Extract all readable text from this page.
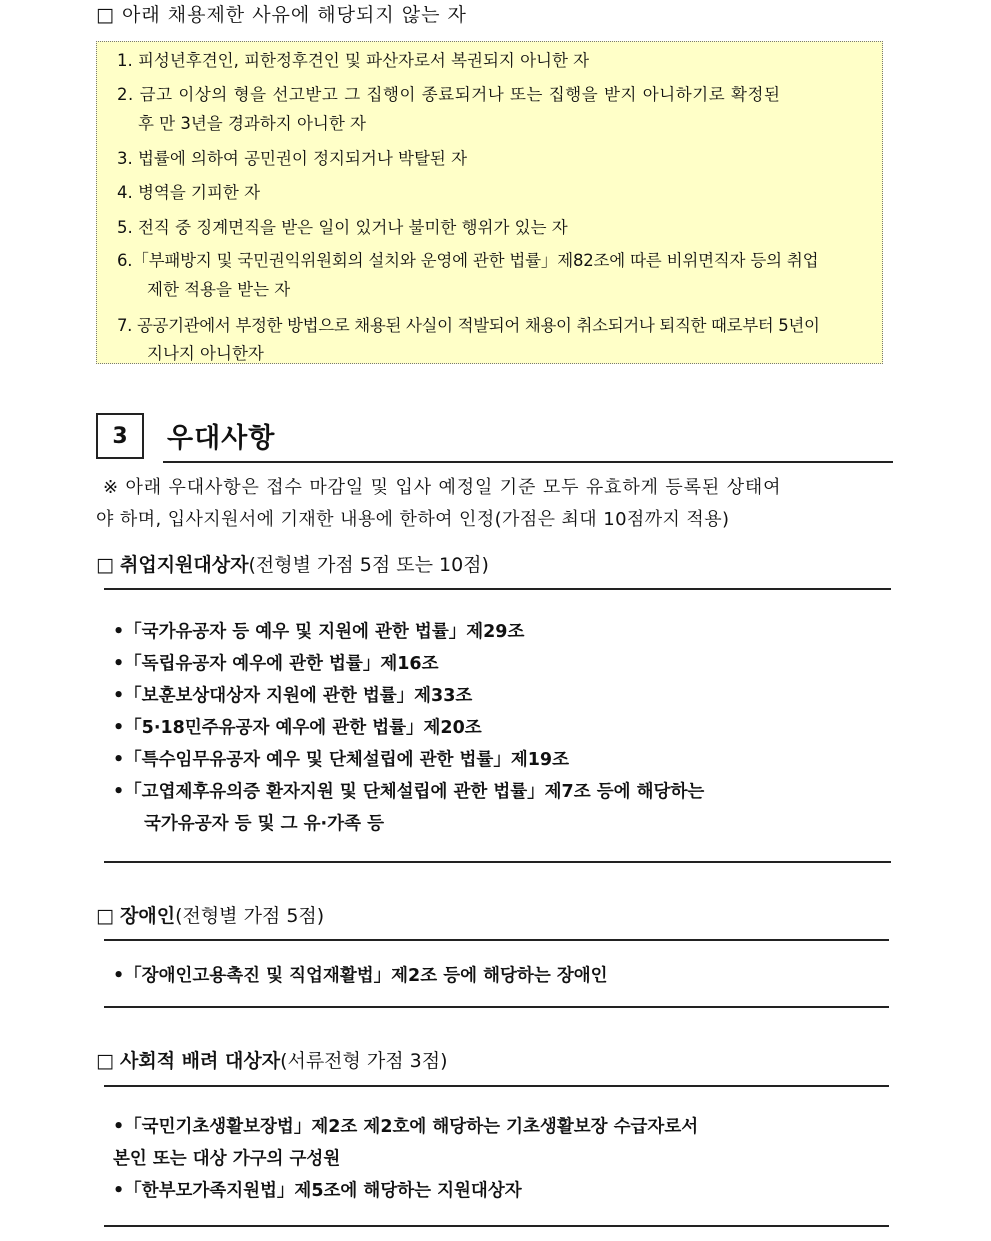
□ 아래 채용제한 사유에 해당되지 않는 자
1. 피성년후견인, 피한정후견인 및 파산자로서 복권되지 아니한 자
2. 금고 이상의 형을 선고받고 그 집행이 종료되거나 또는 집행을 받지 아니하기로 확정된
후 만 3년을 경과하지 아니한 자
3. 법률에 의하여 공민권이 정지되거나 박탈된 자
4. 병역을 기피한 자
5. 전직 중 징계면직을 받은 일이 있거나 불미한 행위가 있는 자
6.「부패방지 및 국민권익위원회의 설치와 운영에 관한 법률」제82조에 따른 비위면직자 등의 취업
제한 적용을 받는 자
7. 공공기관에서 부정한 방법으로 채용된 사실이 적발되어 채용이 취소되거나 퇴직한 때로부터 5년이
지나지 아니한자
3	우대사항
※ 아래 우대사항은 접수 마감일 및 입사 예정일 기준 모두 유효하게 등록된 상태여
야 하며, 입사지원서에 기재한 내용에 한하여 인정(가점은 최대 10점까지 적용)
□ 취업지원대상자(전형별 가점 5점 또는 10점)
•「국가유공자 등 예우 및 지원에 관한 법률」제29조
•「독립유공자 예우에 관한 법률」제16조
•「보훈보상대상자 지원에 관한 법률」제33조
•「5·18민주유공자 예우에 관한 법률」제20조
•「특수임무유공자 예우 및 단체설립에 관한 법률」제19조
•「고엽제후유의증 환자지원 및 단체설립에 관한 법률」제7조 등에 해당하는
국가유공자 등 및 그 유·가족 등
□ 장애인(전형별 가점 5점)
•「장애인고용촉진 및 직업재활법」제2조 등에 해당하는 장애인
□ 사회적 배려 대상자(서류전형 가점 3점)
•「국민기초생활보장법」제2조 제2호에 해당하는 기초생활보장 수급자로서
본인 또는 대상 가구의 구성원
•「한부모가족지원법」제5조에 해당하는 지원대상자
